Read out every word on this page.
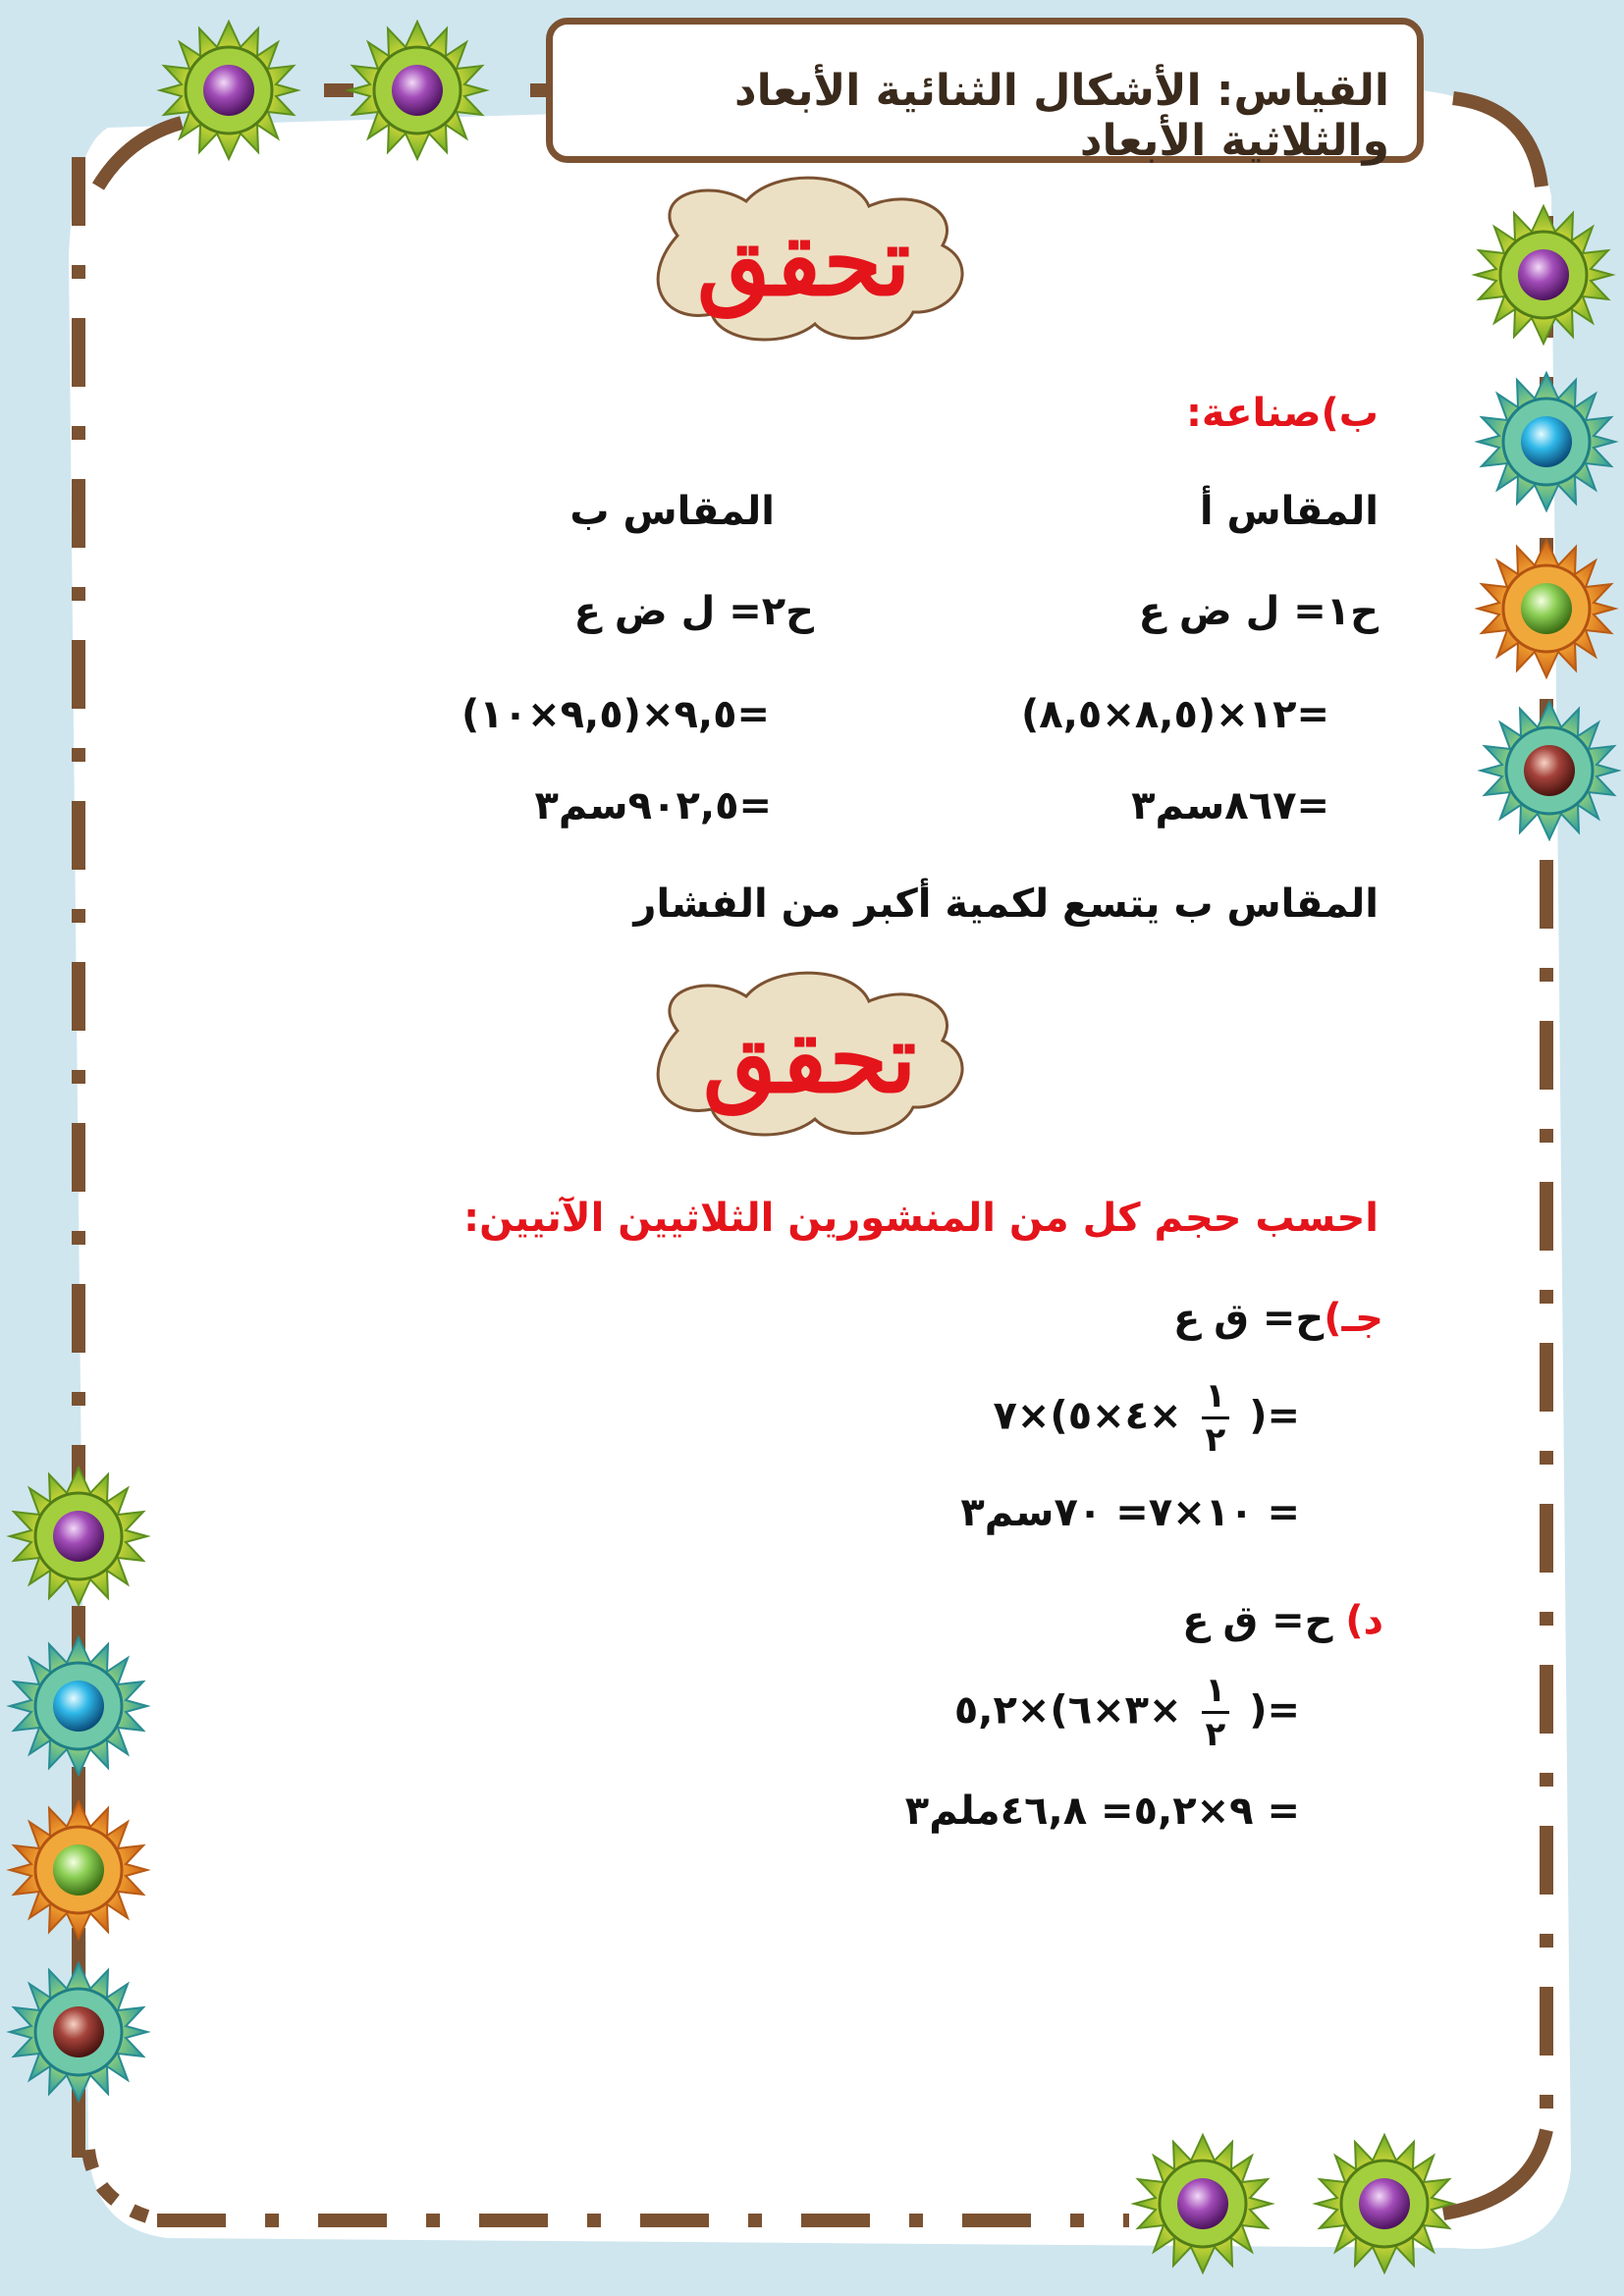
القياس: الأشكال الثنائية الأبعاد والثلاثية الأبعاد
تحقق
ب)صناعة:
المقاس أ
المقاس ب
ح١= ل ض ع
ح٢= ل ض ع
=١٢×(٨,٥×٨,٥)
=٩,٥×(٩,٥×١٠)
=٨٦٧سم٣
=٩٠٢,٥سم٣
المقاس ب يتسع لكمية أكبر من الفشار
تحقق
احسب حجم كل من المنشورين الثلاثيين الآتيين:
جـ)ح= ق ع
=(
$\frac{١}{٢}$
×٤×٥)×٧
= ١٠×٧= ٧٠سم٣
د) ح= ق ع
=(
$\frac{١}{٢}$
×٣×٦)×٥,٢
= ٩×٥,٢= ٤٦,٨ملم٣
